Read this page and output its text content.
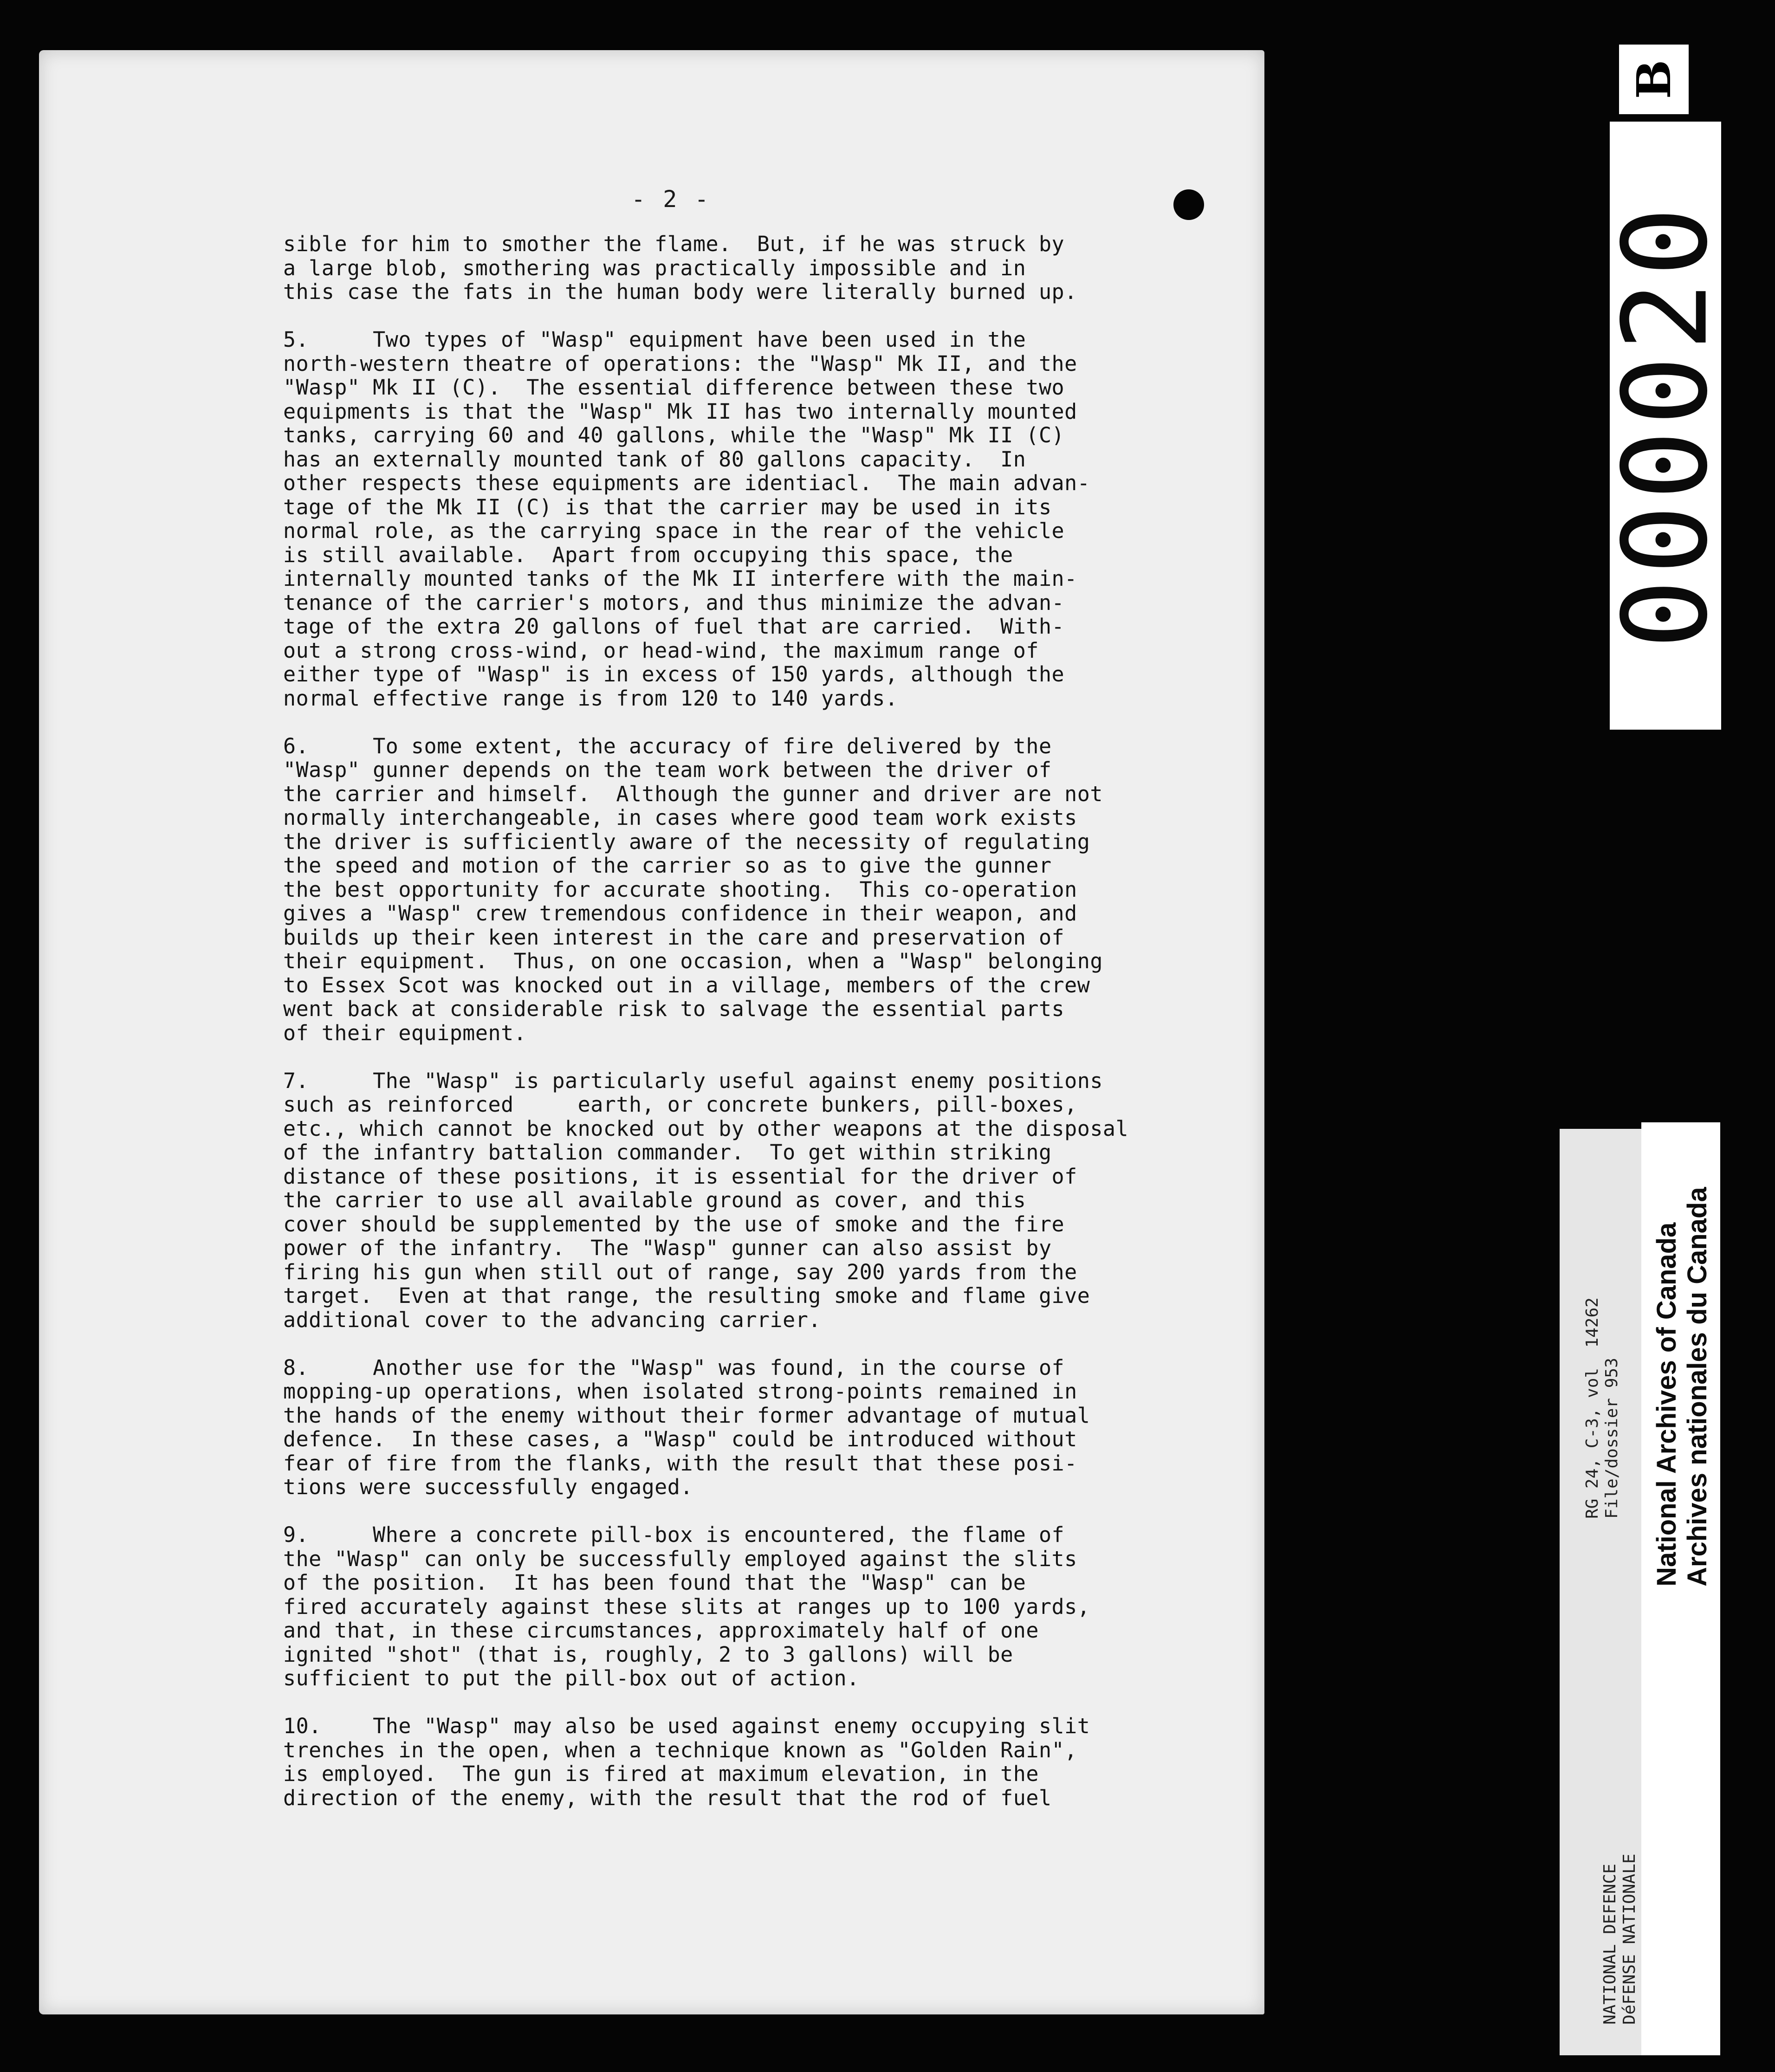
- 2 -
sible for him to smother the flame.  But, if he was struck by
a large blob, smothering was practically impossible and in
this case the fats in the human body were literally burned up.
5.     Two types of "Wasp" equipment have been used in the
north-western theatre of operations: the "Wasp" Mk II, and the
"Wasp" Mk II (C).  The essential difference between these two
equipments is that the "Wasp" Mk II has two internally mounted
tanks, carrying 60 and 40 gallons, while the "Wasp" Mk II (C)
has an externally mounted tank of 80 gallons capacity.  In
other respects these equipments are identiacl.  The main advan-
tage of the Mk II (C) is that the carrier may be used in its
normal role, as the carrying space in the rear of the vehicle
is still available.  Apart from occupying this space, the
internally mounted tanks of the Mk II interfere with the main-
tenance of the carrier's motors, and thus minimize the advan-
tage of the extra 20 gallons of fuel that are carried.  With-
out a strong cross-wind, or head-wind, the maximum range of
either type of "Wasp" is in excess of 150 yards, although the
normal effective range is from 120 to 140 yards.
6.     To some extent, the accuracy of fire delivered by the
"Wasp" gunner depends on the team work between the driver of
the carrier and himself.  Although the gunner and driver are not
normally interchangeable, in cases where good team work exists
the driver is sufficiently aware of the necessity of regulating
the speed and motion of the carrier so as to give the gunner
the best opportunity for accurate shooting.  This co-operation
gives a "Wasp" crew tremendous confidence in their weapon, and
builds up their keen interest in the care and preservation of
their equipment.  Thus, on one occasion, when a "Wasp" belonging
to Essex Scot was knocked out in a village, members of the crew
went back at considerable risk to salvage the essential parts
of their equipment.
7.     The "Wasp" is particularly useful against enemy positions
such as reinforced     earth, or concrete bunkers, pill-boxes,
etc., which cannot be knocked out by other weapons at the disposal
of the infantry battalion commander.  To get within striking
distance of these positions, it is essential for the driver of
the carrier to use all available ground as cover, and this
cover should be supplemented by the use of smoke and the fire
power of the infantry.  The "Wasp" gunner can also assist by
firing his gun when still out of range, say 200 yards from the
target.  Even at that range, the resulting smoke and flame give
additional cover to the advancing carrier.
8.     Another use for the "Wasp" was found, in the course of
mopping-up operations, when isolated strong-points remained in
the hands of the enemy without their former advantage of mutual
defence.  In these cases, a "Wasp" could be introduced without
fear of fire from the flanks, with the result that these posi-
tions were successfully engaged.
9.     Where a concrete pill-box is encountered, the flame of
the "Wasp" can only be successfully employed against the slits
of the position.  It has been found that the "Wasp" can be
fired accurately against these slits at ranges up to 100 yards,
and that, in these circumstances, approximately half of one
ignited "shot" (that is, roughly, 2 to 3 gallons) will be
sufficient to put the pill-box out of action.
10.    The "Wasp" may also be used against enemy occupying slit
trenches in the open, when a technique known as "Golden Rain",
is employed.  The gun is fired at maximum elevation, in the
direction of the enemy, with the result that the rod of fuel
B
000020
RG 24, C-3, vol  14262 File/dossier 953
NATIONAL DEFENCE DéFENSE NATIONALE
National Archives of Canada Archives nationales du Canada
